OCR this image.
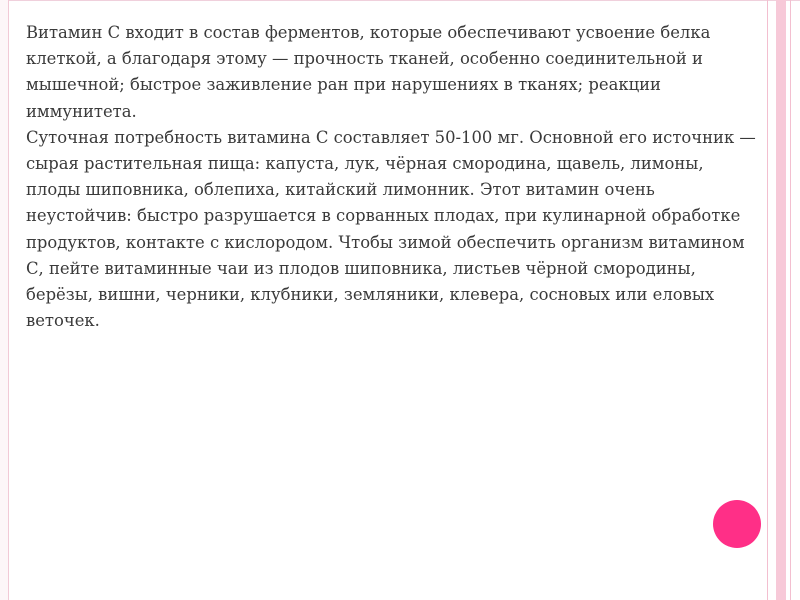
Витамин С входит в состав ферментов, которые обеспечивают усвоение белка клеткой, а благодаря этому — прочность тканей, особенно соединительной и мышечной; быстрое заживление ран при нарушениях в тканях; реакции иммунитета.

Суточная потребность витамина С составляет 50-100 мг. Основной его источник — сырая растительная пища: капуста, лук, чёрная смородина, щавель, лимоны, плоды шиповника, облепиха, китайский лимонник. Этот витамин очень неустойчив: быстро разрушается в сорванных плодах, при кулинарной обработке продуктов, контакте с кислородом. Чтобы зимой обеспечить организм витамином С, пейте витаминные чаи из плодов шиповника, листьев чёрной смородины, берёзы, вишни, черники, клубники, земляники, клевера, сосновых или еловых веточек.
